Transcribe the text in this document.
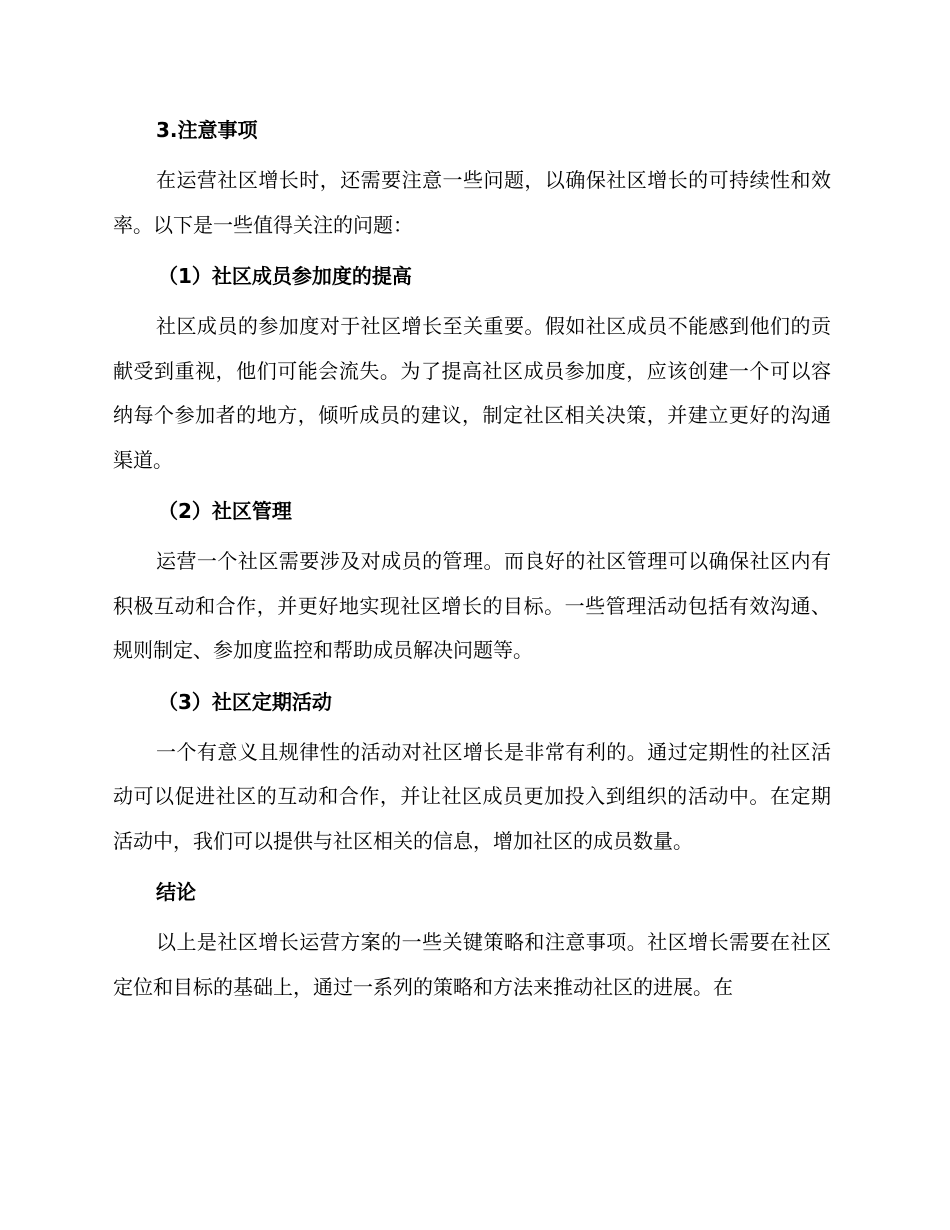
3.注意事项

在运营社区增长时，还需要注意一些问题，以确保社区增长的可持续性和效率。以下是一些值得关注的问题：

（1）社区成员参加度的提高

社区成员的参加度对于社区增长至关重要。假如社区成员不能感到他们的贡献受到重视，他们可能会流失。为了提高社区成员参加度，应该创建一个可以容纳每个参加者的地方，倾听成员的建议，制定社区相关决策，并建立更好的沟通渠道。

（2）社区管理

运营一个社区需要涉及对成员的管理。而良好的社区管理可以确保社区内有积极互动和合作，并更好地实现社区增长的目标。一些管理活动包括有效沟通、规则制定、参加度监控和帮助成员解决问题等。

（3）社区定期活动

一个有意义且规律性的活动对社区增长是非常有利的。通过定期性的社区活动可以促进社区的互动和合作，并让社区成员更加投入到组织的活动中。在定期活动中，我们可以提供与社区相关的信息，增加社区的成员数量。

结论

以上是社区增长运营方案的一些关键策略和注意事项。社区增长需要在社区定位和目标的基础上，通过一系列的策略和方法来推动社区的进展。在
